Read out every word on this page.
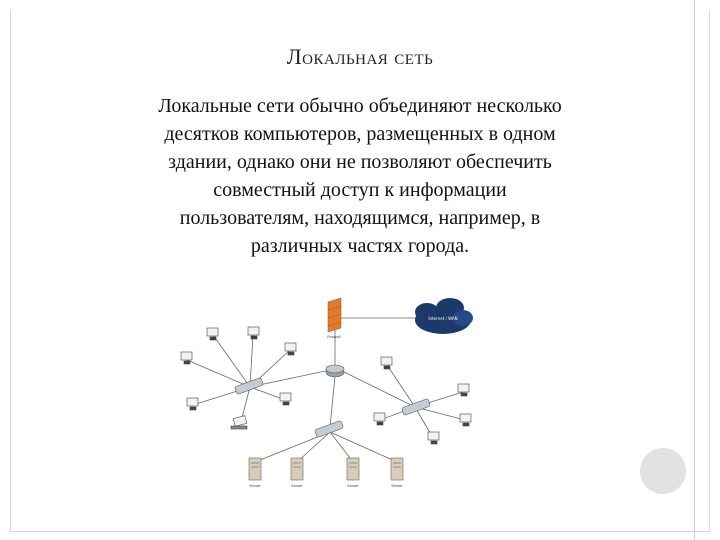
Локальная сеть
Локальные сети обычно объединяют несколько
десятков компьютеров, размещенных в одном
здании, однако они не позволяют обеспечить
совместный доступ к информации
пользователям, находящимся, например, в
различных частях города.
Firewall
Internet / WAN
Server	Server	Server	Server
